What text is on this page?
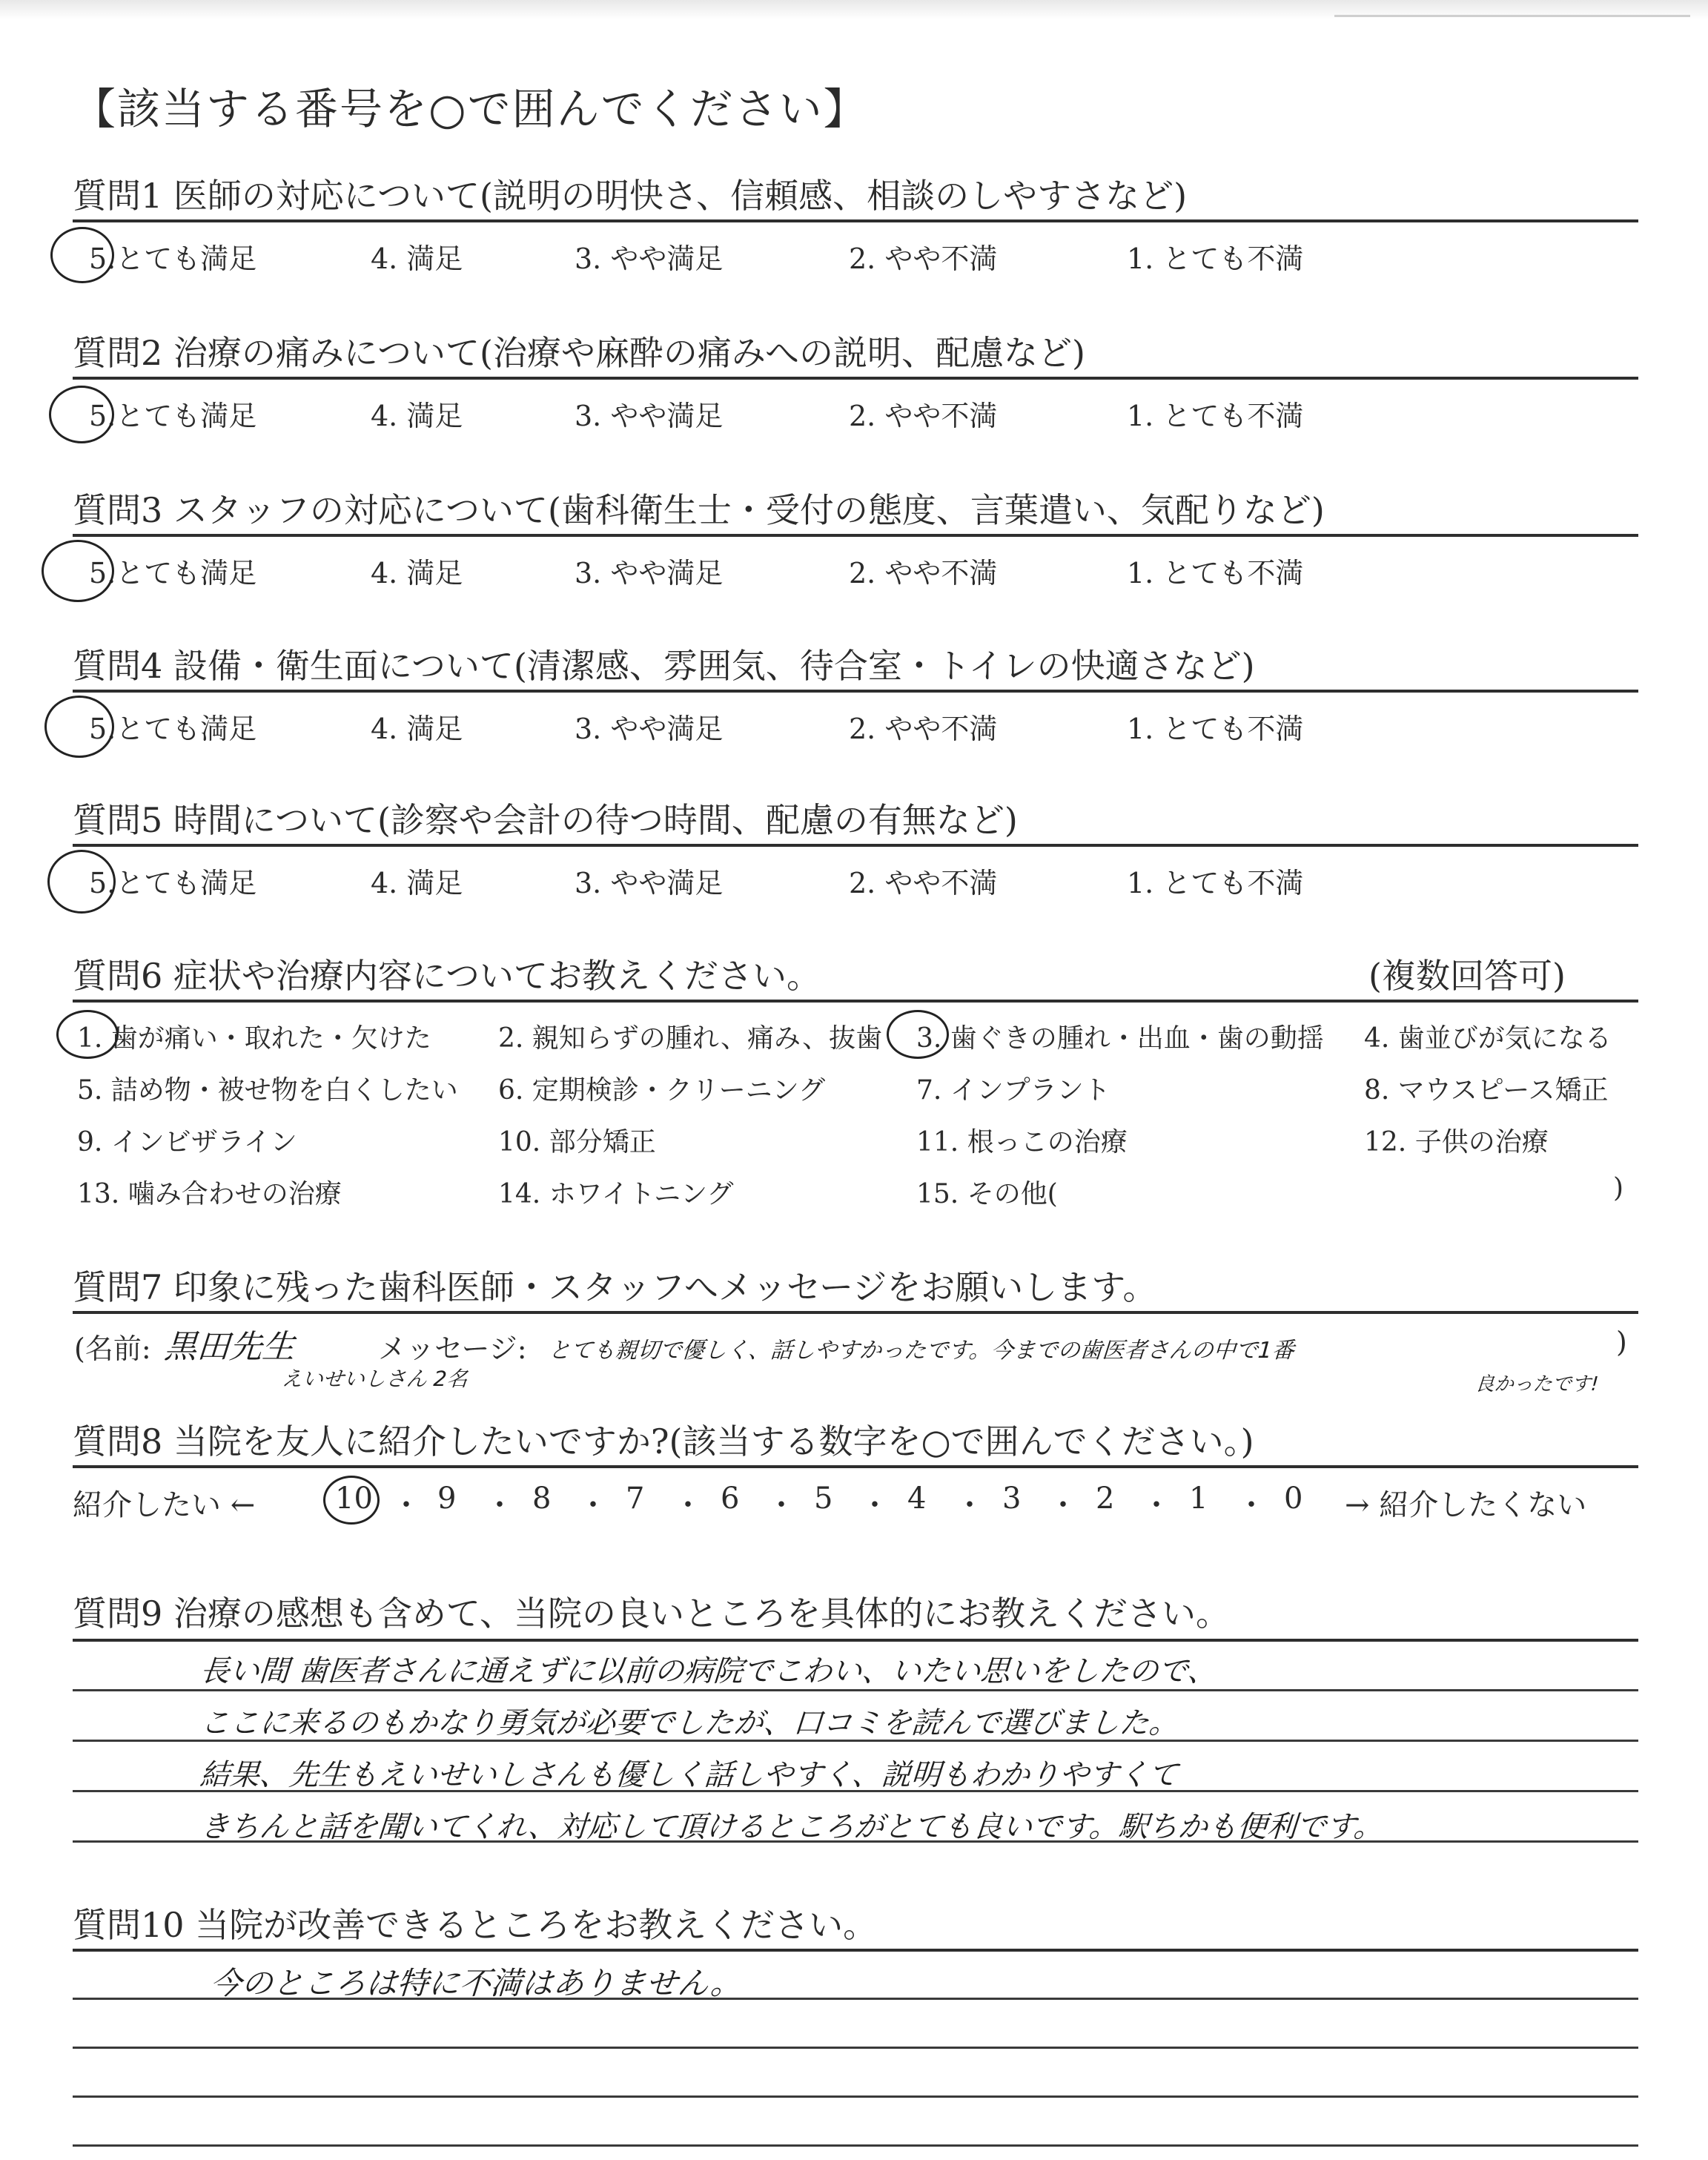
【該当する番号を○で囲んでください】
質問1 医師の対応について(説明の明快さ、信頼感、相談のしやすさなど)
5.とても満足	4. 満足	3. やや満足	2. やや不満	1. とても不満
質問2 治療の痛みについて(治療や麻酔の痛みへの説明、配慮など)
5.とても満足	4. 満足	3. やや満足	2. やや不満	1. とても不満
質問3 スタッフの対応について(歯科衛生士・受付の態度、言葉遣い、気配りなど)
5.とても満足	4. 満足	3. やや満足	2. やや不満	1. とても不満
質問4 設備・衛生面について(清潔感、雰囲気、待合室・トイレの快適さなど)
5.とても満足	4. 満足	3. やや満足	2. やや不満	1. とても不満
質問5 時間について(診察や会計の待つ時間、配慮の有無など)
5.とても満足	4. 満足	3. やや満足	2. やや不満	1. とても不満
質問6 症状や治療内容についてお教えください。	(複数回答可)
1. 歯が痛い・取れた・欠けた	2. 親知らずの腫れ、痛み、抜歯 3. 歯ぐきの腫れ・出血・歯の動揺 4. 歯並びが気になる
5. 詰め物・被せ物を白くしたい 6. 定期検診・クリーニング	7. インプラント	8. マウスピース矯正
9. インビザライン	10. 部分矯正	11. 根っこの治療	12. 子供の治療
13. 噛み合わせの治療	14. ホワイトニング	15. その他(	)
質問7 印象に残った歯科医師・スタッフへメッセージをお願いします。
(名前: 黒田先生
えいせいしさん 2名
メッセージ: とても親切で優しく、話しやすかったです。今までの歯医者さんの中で1番
良かったです!
)
質問8 当院を友人に紹介したいですか?(該当する数字を○で囲んでください。)
紹介したい ←	10 ・ 9 ・ 8 ・ 7 ・ 6 ・ 5 ・ 4 ・ 3 ・ 2 ・ 1 ・ 0 → 紹介したくない
質問9 治療の感想も含めて、当院の良いところを具体的にお教えください。
長い間 歯医者さんに通えずに以前の病院でこわい、いたい思いをしたので、
ここに来るのもかなり勇気が必要でしたが、口コミを読んで選びました。
結果、先生もえいせいしさんも優しく話しやすく、説明もわかりやすくて
きちんと話を聞いてくれ、対応して頂けるところがとても良いです。駅ちかも便利です。
質問10 当院が改善できるところをお教えください。
今のところは特に不満はありません。
